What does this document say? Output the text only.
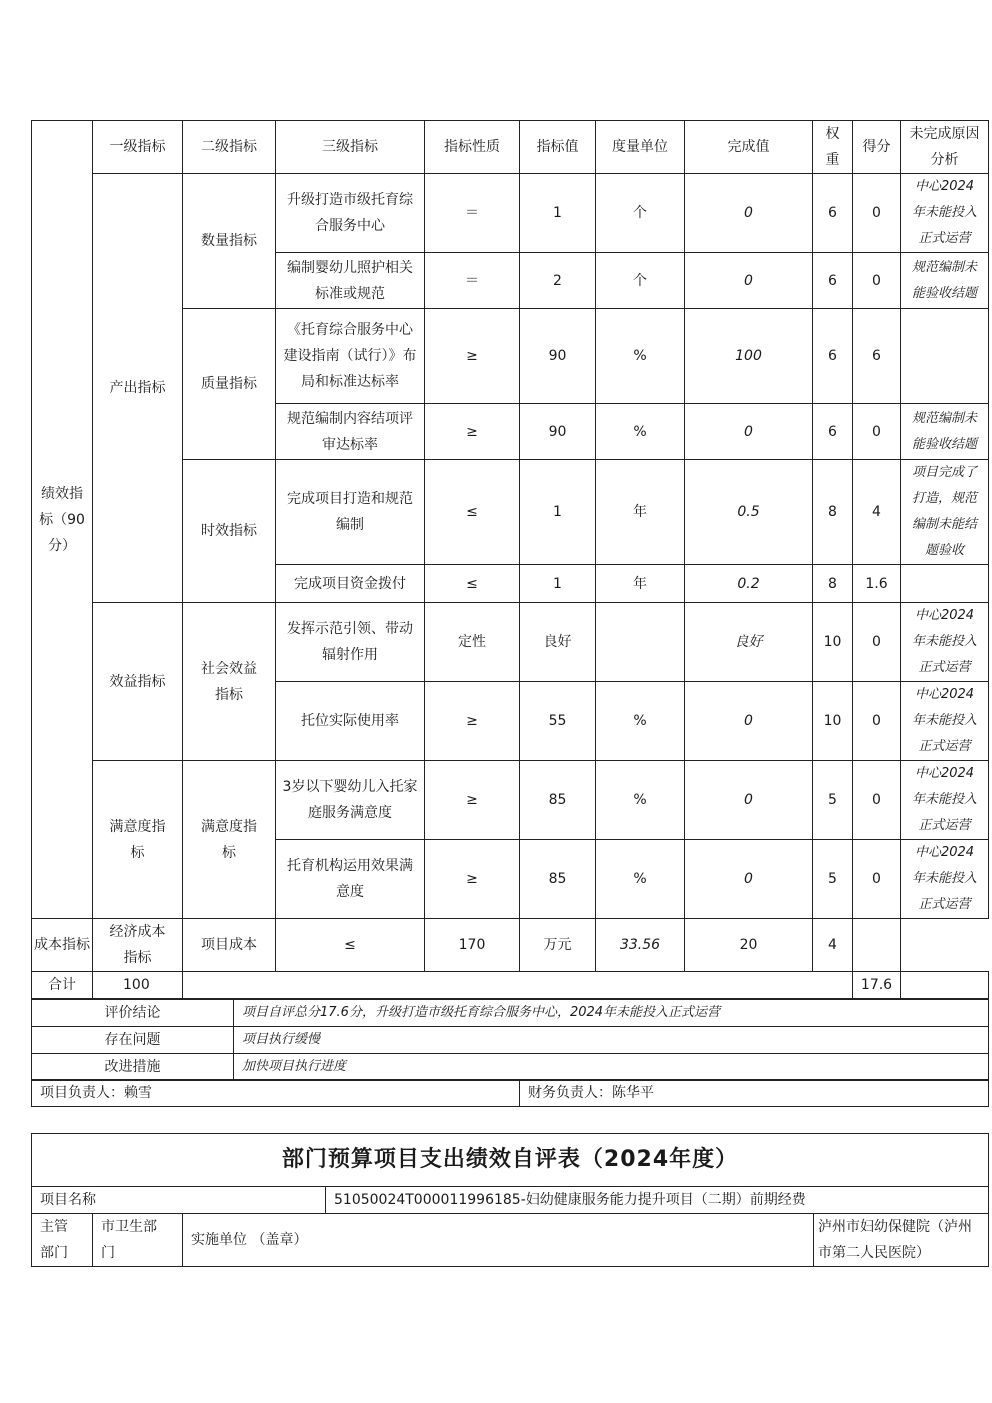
绩效指标（90分）	一级指标	二级指标	三级指标	指标性质	指标值	度量单位	完成值	权重	得分	未完成原因分析
	产出指标	数量指标	升级打造市级托育综合服务中心	＝	1	个	0	6	0	中心2024年未能投入正式运营
			编制婴幼儿照护相关标准或规范	＝	2	个	0	6	0	规范编制未能验收结题
		质量指标	《托育综合服务中心建设指南（试行）》布局和标准达标率	≥	90	%	100	6	6	
			规范编制内容结项评审达标率	≥	90	%	0	6	0	规范编制未能验收结题
		时效指标	完成项目打造和规范编制	≤	1	年	0.5	8	4	项目完成了打造，规范编制未能结题验收
			完成项目资金拨付	≤	1	年	0.2	8	1.6	
	效益指标	社会效益指标	发挥示范引领、带动辐射作用	定性	良好		良好	10	0	中心2024年未能投入正式运营
			托位实际使用率	≥	55	%	0	10	0	中心2024年未能投入正式运营
	满意度指标	满意度指标	3岁以下婴幼儿入托家庭服务满意度	≥	85	%	0	5	0	中心2024年未能投入正式运营
			托育机构运用效果满意度	≥	85	%	0	5	0	中心2024年未能投入正式运营
成本指标	经济成本指标	项目成本	≤	170	万元	33.56	20	4		
合计	100								17.6	
评价结论	项目自评总分17.6分，升级打造市级托育综合服务中心，2024年未能投入正式运营
存在问题	项目执行缓慢
改进措施	加快项目执行进度
项目负责人：赖雪	财务负责人：陈华平
部门预算项目支出绩效自评表（2024年度）				
项目名称			51050024T000011996185-妇幼健康服务能力提升项目（二期）前期经费	
主管部门	市卫生部门	实施单位 （盖章）		泸州市妇幼保健院（泸州市第二人民医院）
